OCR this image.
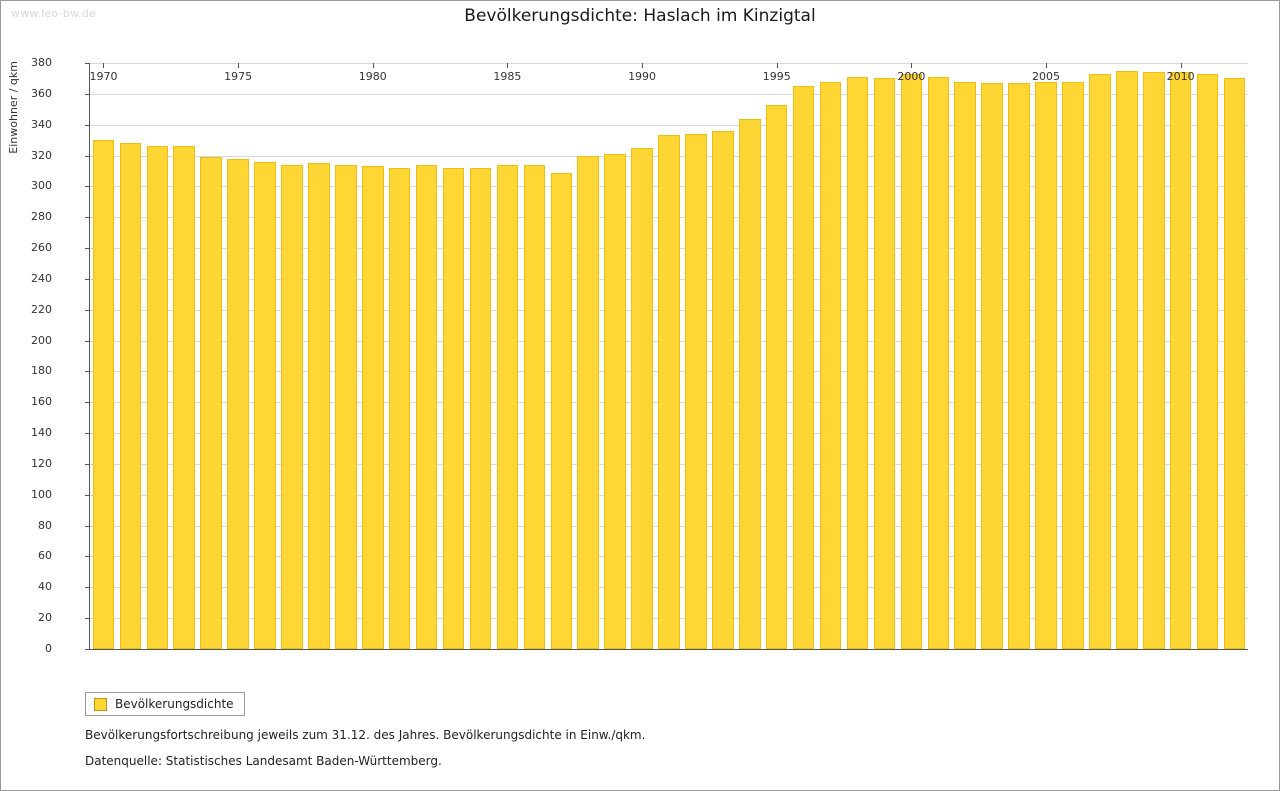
www.leo-bw.de	Bevölkerungsdichte: Haslach im Kinzigtal
Einwohner / qkm
0
20
40
60
80
100
120
140
160
180
200
220
240
260
280
300
320
340
360
380
1970	1975	1980	1985	1990	1995	2000	2005	2010
Bevölkerungsdichte
Bevölkerungsfortschreibung jeweils zum 31.12. des Jahres. Bevölkerungsdichte in Einw./qkm.
Datenquelle: Statistisches Landesamt Baden-Württemberg.
